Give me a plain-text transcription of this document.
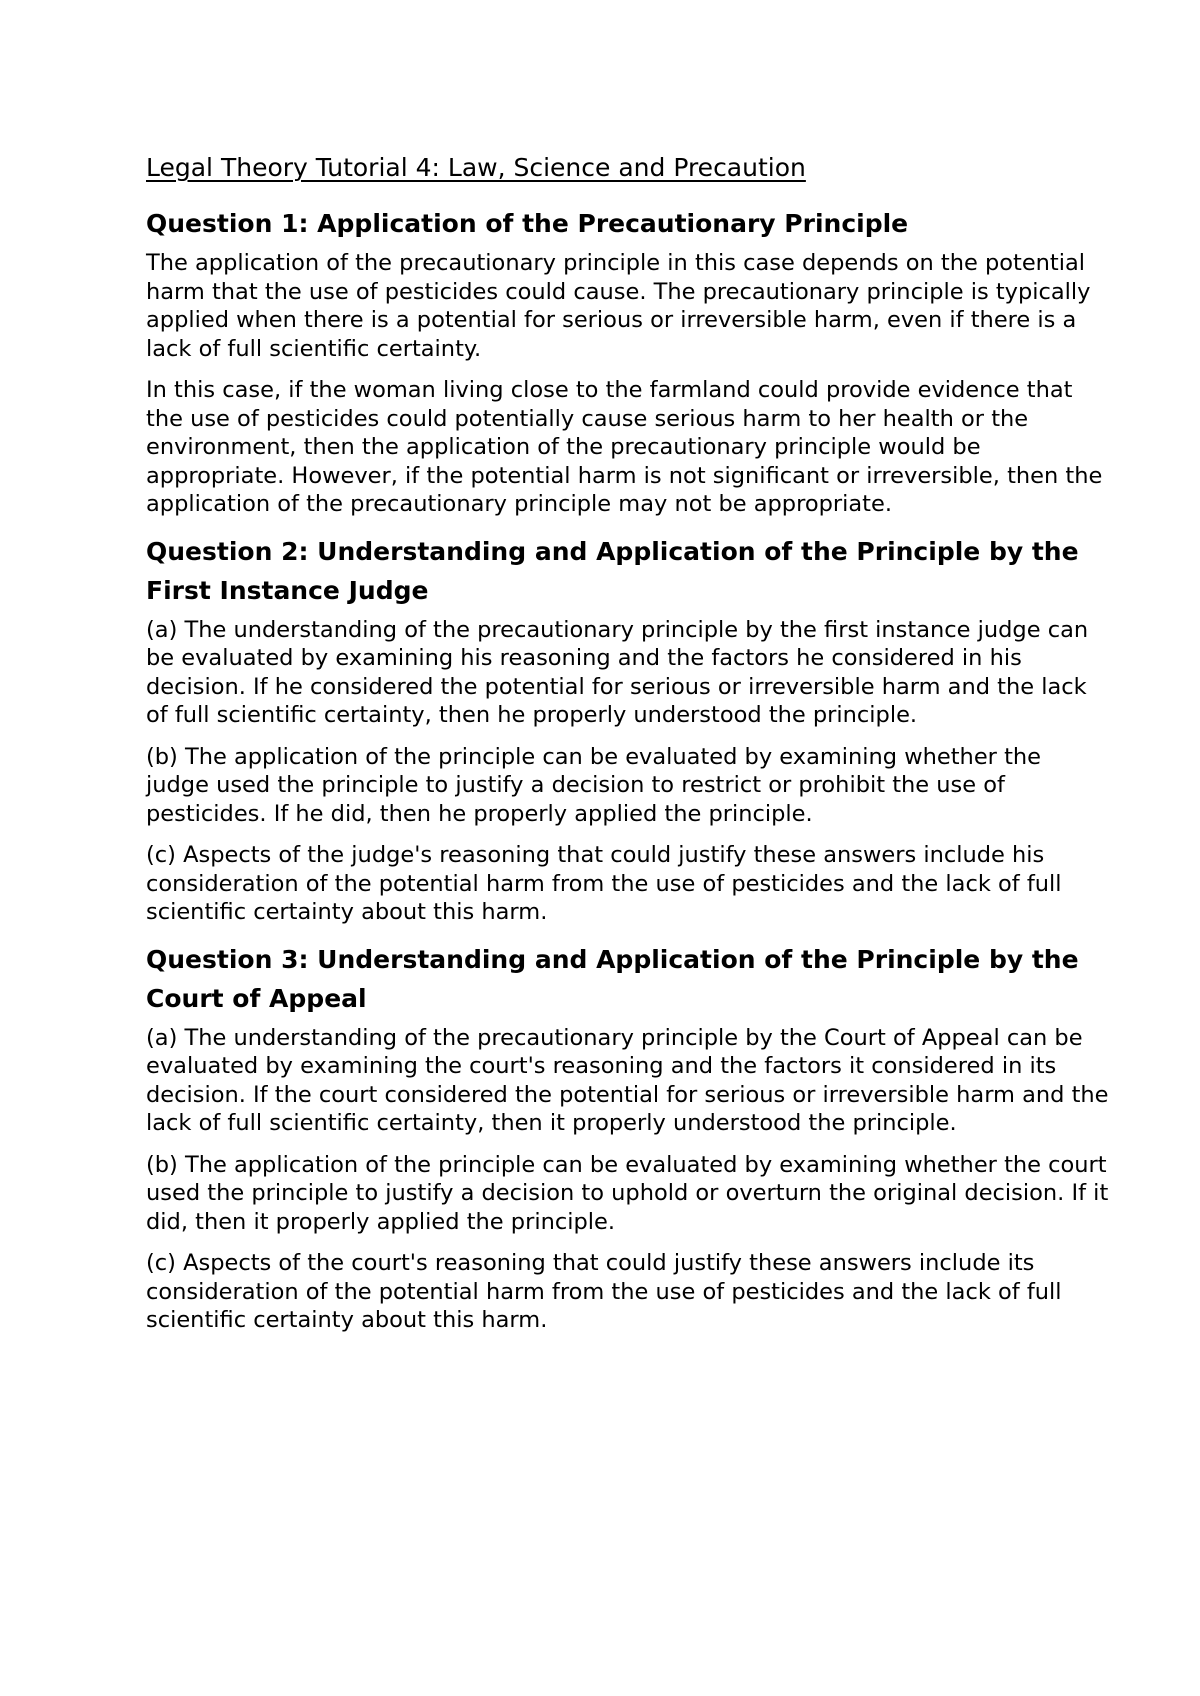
Legal Theory Tutorial 4: Law, Science and Precaution
Question 1: Application of the Precautionary Principle

The application of the precautionary principle in this case depends on the potential harm that the use of pesticides could cause. The precautionary principle is typically applied when there is a potential for serious or irreversible harm, even if there is a lack of full scientific certainty.

In this case, if the woman living close to the farmland could provide evidence that the use of pesticides could potentially cause serious harm to her health or the environment, then the application of the precautionary principle would be appropriate. However, if the potential harm is not significant or irreversible, then the application of the precautionary principle may not be appropriate.

Question 2: Understanding and Application of the Principle by the First Instance Judge

(a) The understanding of the precautionary principle by the first instance judge can be evaluated by examining his reasoning and the factors he considered in his decision. If he considered the potential for serious or irreversible harm and the lack of full scientific certainty, then he properly understood the principle.

(b) The application of the principle can be evaluated by examining whether the judge used the principle to justify a decision to restrict or prohibit the use of pesticides. If he did, then he properly applied the principle.

(c) Aspects of the judge's reasoning that could justify these answers include his consideration of the potential harm from the use of pesticides and the lack of full scientific certainty about this harm.

Question 3: Understanding and Application of the Principle by the Court of Appeal

(a) The understanding of the precautionary principle by the Court of Appeal can be evaluated by examining the court's reasoning and the factors it considered in its decision. If the court considered the potential for serious or irreversible harm and the lack of full scientific certainty, then it properly understood the principle.

(b) The application of the principle can be evaluated by examining whether the court used the principle to justify a decision to uphold or overturn the original decision. If it did, then it properly applied the principle.

(c) Aspects of the court's reasoning that could justify these answers include its consideration of the potential harm from the use of pesticides and the lack of full scientific certainty about this harm.
